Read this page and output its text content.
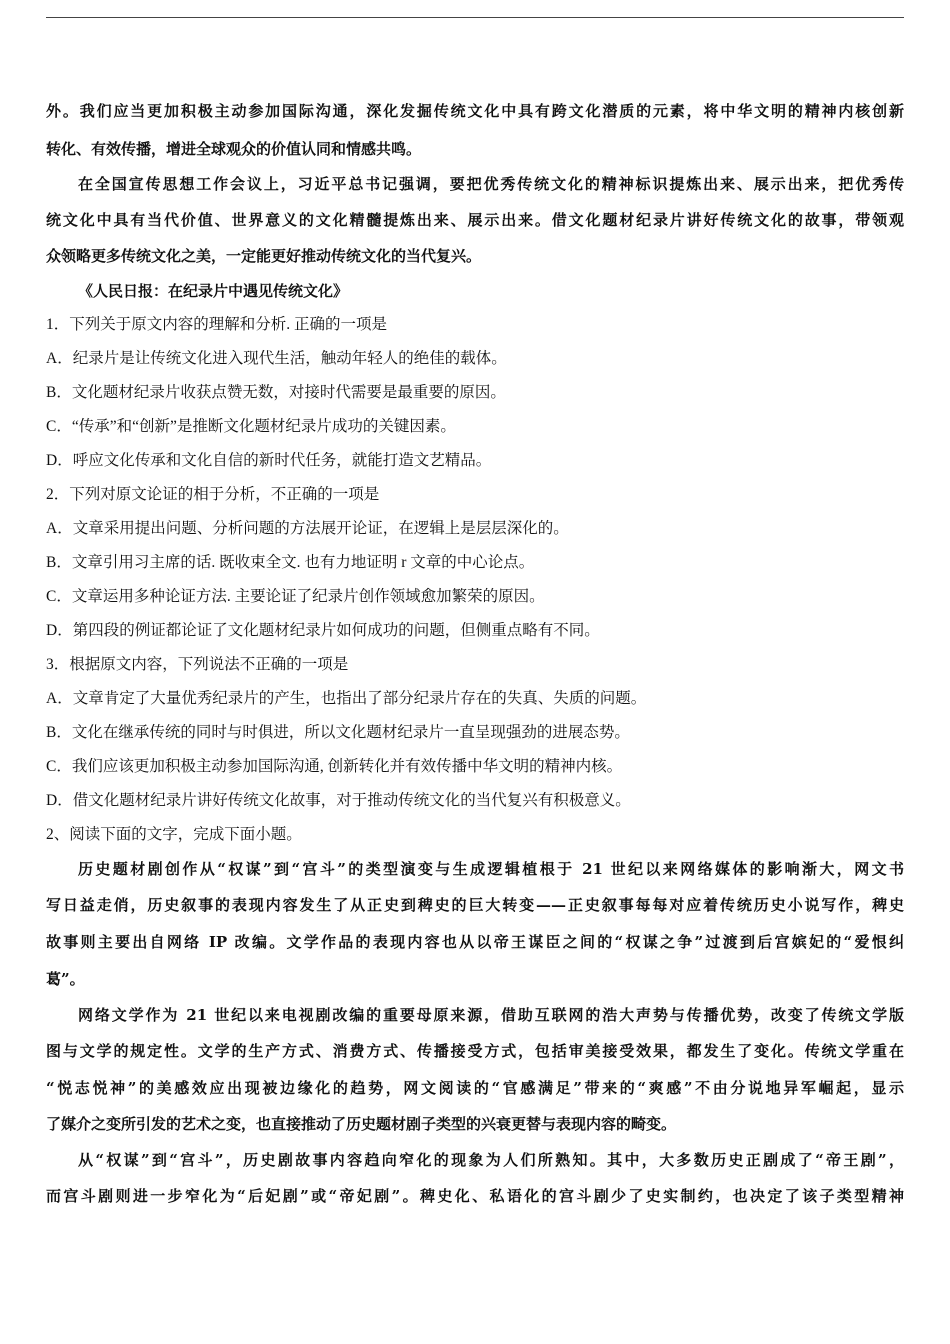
外。我们应当更加积极主动参加国际沟通，深化发掘传统文化中具有跨文化潜质的元素，将中华文明的精神内核创新
转化、有效传播，增进全球观众的价值认同和情感共鸣。
在全国宣传思想工作会议上，习近平总书记强调，要把优秀传统文化的精神标识提炼出来、展示出来，把优秀传
统文化中具有当代价值、世界意义的文化精髓提炼出来、展示出来。借文化题材纪录片讲好传统文化的故事，带领观
众领略更多传统文化之美，一定能更好推动传统文化的当代复兴。
《人民日报：在纪录片中遇见传统文化》
1．下列关于原文内容的理解和分析. 正确的一项是
A．纪录片是让传统文化进入现代生活，触动年轻人的绝佳的载体。
B．文化题材纪录片收获点赞无数，对接时代需要是最重要的原因。
C．“传承”和“创新”是推断文化题材纪录片成功的关键因素。
D．呼应文化传承和文化自信的新时代任务，就能打造文艺精品。
2．下列对原文论证的相于分析，不正确的一项是
A．文章采用提出问题、分析问题的方法展开论证，在逻辑上是层层深化的。
B．文章引用习主席的话. 既收束全文. 也有力地证明 r 文章的中心论点。
C．文章运用多种论证方法. 主要论证了纪录片创作领域愈加繁荣的原因。
D．第四段的例证都论证了文化题材纪录片如何成功的问题，但侧重点略有不同。
3．根据原文内容，下列说法不正确的一项是
A．文章肯定了大量优秀纪录片的产生，也指出了部分纪录片存在的失真、失质的问题。
B．文化在继承传统的同时与时俱进，所以文化题材纪录片一直呈现强劲的进展态势。
C．我们应该更加积极主动参加国际沟通, 创新转化并有效传播中华文明的精神内核。
D．借文化题材纪录片讲好传统文化故事，对于推动传统文化的当代复兴有积极意义。
2、阅读下面的文字，完成下面小题。
历史题材剧创作从“权谋”到“宫斗”的类型演变与生成逻辑植根于 21 世纪以来网络媒体的影响渐大，网文书
写日益走俏，历史叙事的表现内容发生了从正史到稗史的巨大转变——正史叙事每每对应着传统历史小说写作，稗史
故事则主要出自网络 IP 改编。文学作品的表现内容也从以帝王谋臣之间的“权谋之争”过渡到后宫嫔妃的“爱恨纠
葛”。
网络文学作为 21 世纪以来电视剧改编的重要母原来源，借助互联网的浩大声势与传播优势，改变了传统文学版
图与文学的规定性。文学的生产方式、消费方式、传播接受方式，包括审美接受效果，都发生了变化。传统文学重在
“悦志悦神”的美感效应出现被边缘化的趋势，网文阅读的“官感满足”带来的“爽感”不由分说地异军崛起，显示
了媒介之变所引发的艺术之变，也直接推动了历史题材剧子类型的兴衰更替与表现内容的畸变。
从“权谋”到“宫斗”，历史剧故事内容趋向窄化的现象为人们所熟知。其中，大多数历史正剧成了“帝王剧”，
而宫斗剧则进一步窄化为“后妃剧”或“帝妃剧”。稗史化、私语化的宫斗剧少了史实制约，也决定了该子类型精神
